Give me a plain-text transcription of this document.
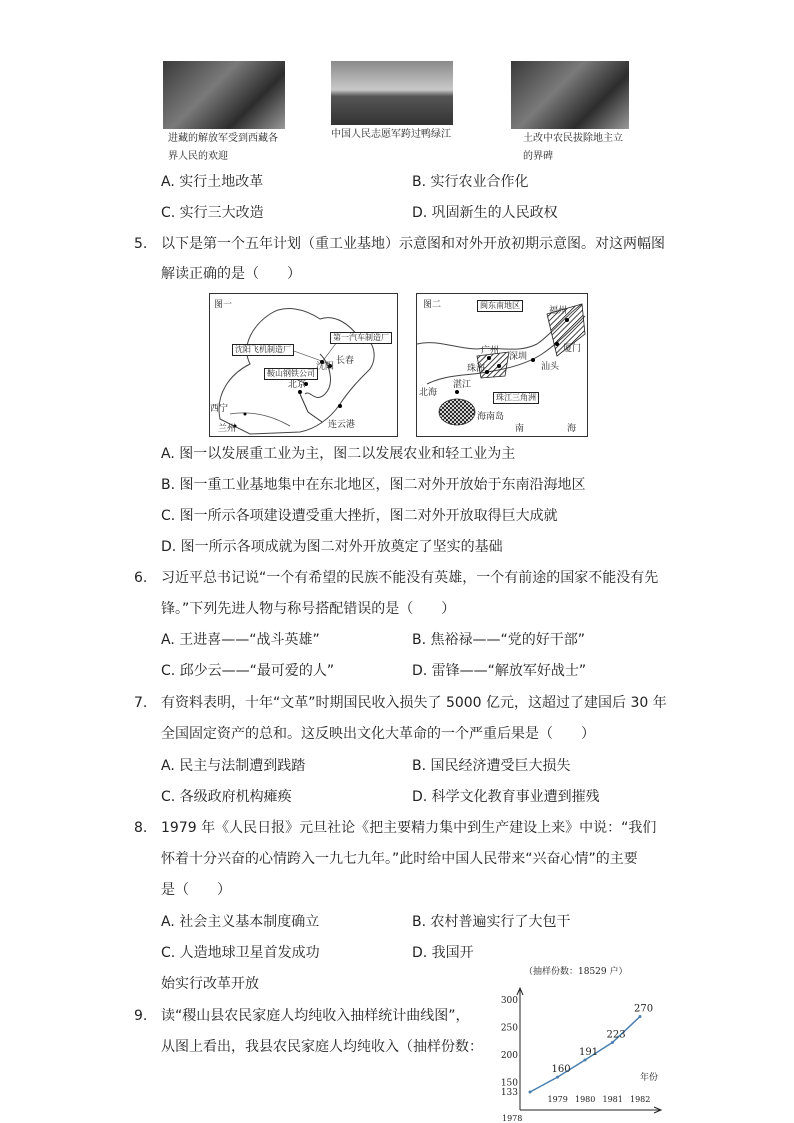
进藏的解放军受到西藏各界人民的欢迎
中国人民志愿军跨过鸭绿江	土改中农民拔除地主立的界碑
A. 实行土地改革	B. 实行农业合作化
C. 实行三大改造	D. 巩固新生的人民政权
5. 以下是第一个五年计划（重工业基地）示意图和对外开放初期示意图。对这两幅图
解读正确的是（　　）
图一
沈阳飞机制造厂
鞍山钢铁公司
第一汽车制造厂
长春
沈阳
北京
西宁
兰州	连云港
图二	闽东南地区
珠江三角洲
福州
厦门
汕头
深圳
广州
珠海
湛江
北海
海南岛
南	海
A. 图一以发展重工业为主，图二以发展农业和轻工业为主
B. 图一重工业基地集中在东北地区，图二对外开放始于东南沿海地区
C. 图一所示各项建设遭受重大挫折，图二对外开放取得巨大成就
D. 图一所示各项成就为图二对外开放奠定了坚实的基础
6. 习近平总书记说“一个有希望的民族不能没有英雄，一个有前途的国家不能没有先
锋。”下列先进人物与称号搭配错误的是（　　）
A. 王进喜——“战斗英雄”	B. 焦裕禄——“党的好干部”
C. 邱少云——“最可爱的人”	D. 雷锋——“解放军好战士”
7. 有资料表明，十年“文革”时期国民收入损失了 5000 亿元，这超过了建国后 30 年
全国固定资产的总和。这反映出文化大革命的一个严重后果是（　　）
A. 民主与法制遭到践踏	B. 国民经济遭受巨大损失
C. 各级政府机构瘫痪	D. 科学文化教育事业遭到摧残
8. 1979 年《人民日报》元旦社论《把主要精力集中到生产建设上来》中说：“我们
怀着十分兴奋的心情跨入一九七九年。”此时给中国人民带来“兴奋心情”的主要
是（　　）
A. 社会主义基本制度确立	B. 农村普遍实行了大包干
C. 人造地球卫星首发成功	D. 我国开
始实行改革开放
9. 读“稷山县农民家庭人均纯收入抽样统计曲线图”，
从图上看出，我县农民家庭人均纯收入（抽样份数：
（抽样份数：18529 户）
133
150
200
250
300
1978
1979 1980 1981 1982
年份
160
191
223
270
